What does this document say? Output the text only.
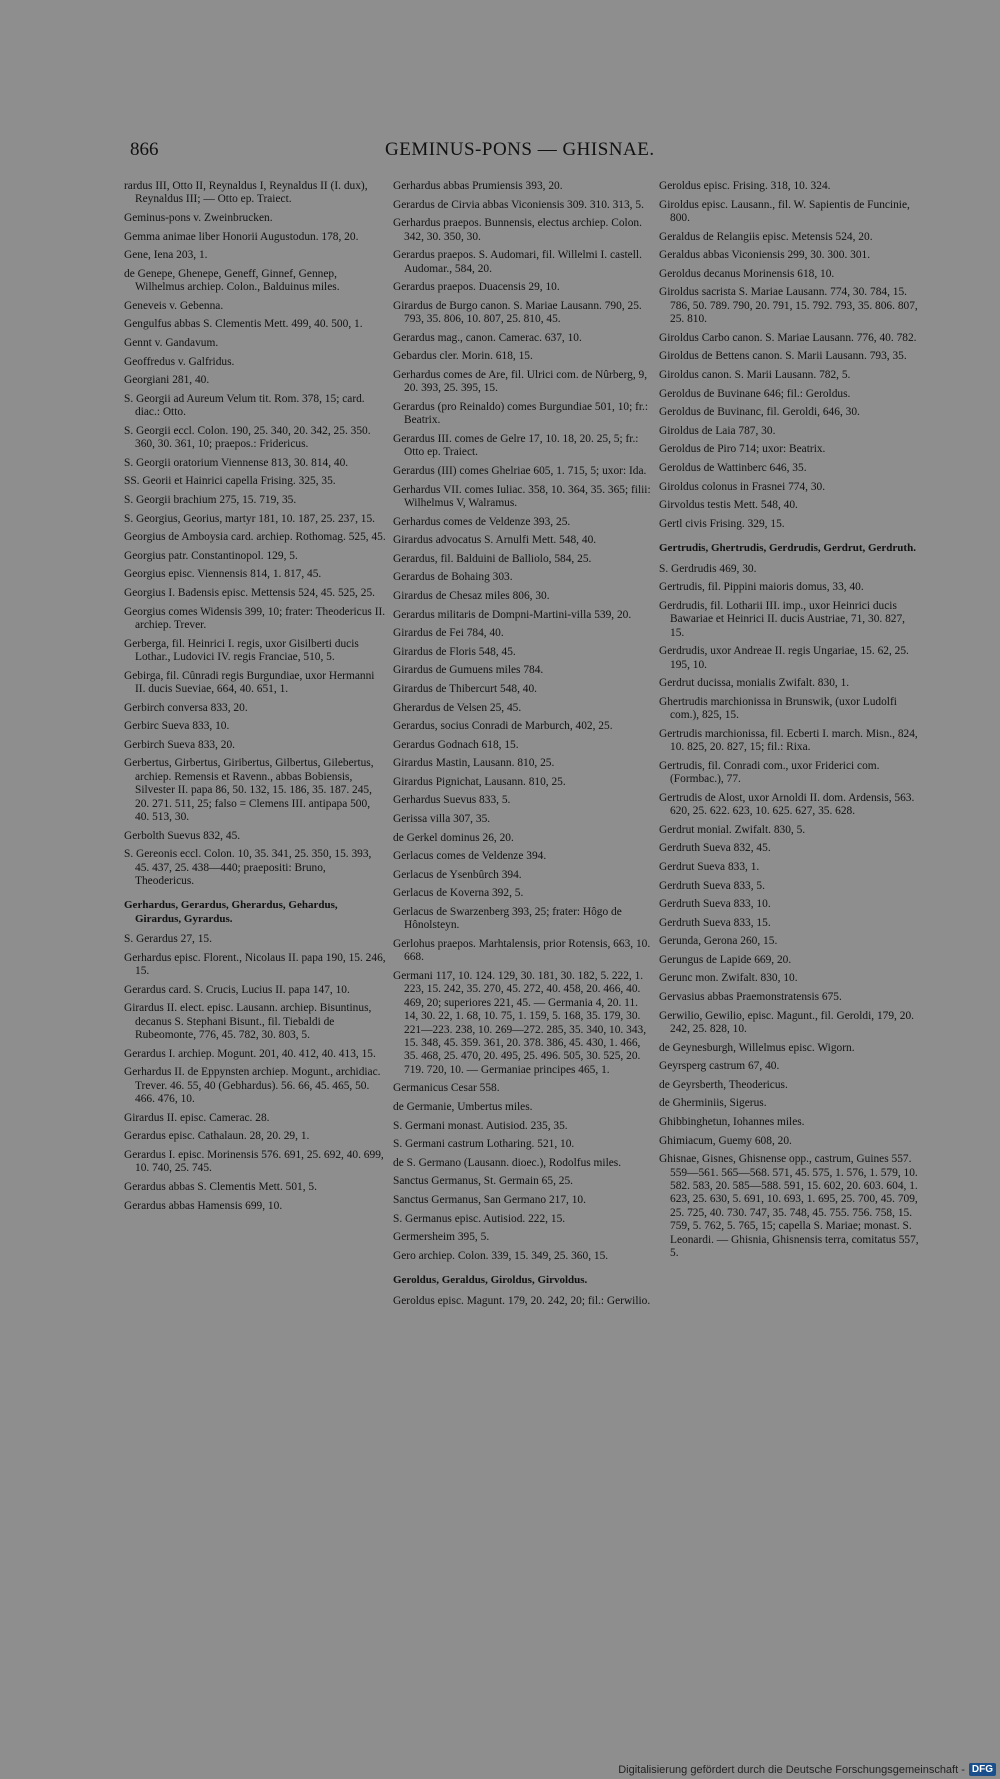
866	GEMINUS-PONS — GHISNAE.
rardus III, Otto II, Reynaldus I, Reynaldus II (I. dux), Reynaldus III; — Otto ep. Traiect.
Geminus-pons v. Zweinbrucken.
Gemma animae liber Honorii Augustodun. 178, 20.
Gene, Iena 203, 1.
de Genepe, Ghenepe, Geneff, Ginnef, Gennep, Wilhelmus archiep. Colon., Balduinus miles.
Geneveis v. Gebenna.
Gengulfus abbas S. Clementis Mett. 499, 40. 500, 1.
Gennt v. Gandavum.
Geoffredus v. Galfridus.
Georgiani 281, 40.
S. Georgii ad Aureum Velum tit. Rom. 378, 15; card. diac.: Otto.
S. Georgii eccl. Colon. 190, 25. 340, 20. 342, 25. 350. 360, 30. 361, 10; praepos.: Fridericus.
S. Georgii oratorium Viennense 813, 30. 814, 40.
SS. Georii et Hainrici capella Frising. 325, 35.
S. Georgii brachium 275, 15. 719, 35.
S. Georgius, Georius, martyr 181, 10. 187, 25. 237, 15.
Georgius de Amboysia card. archiep. Rothomag. 525, 45.
Georgius patr. Constantinopol. 129, 5.
Georgius episc. Viennensis 814, 1. 817, 45.
Georgius I. Badensis episc. Mettensis 524, 45. 525, 25.
Georgius comes Widensis 399, 10; frater: Theodericus II. archiep. Trever.
Gerberga, fil. Heinrici I. regis, uxor Gisilberti ducis Lothar., Ludovici IV. regis Franciae, 510, 5.
Gebirga, fil. Cûnradi regis Burgundiae, uxor Hermanni II. ducis Sueviae, 664, 40. 651, 1.
Gerbirch conversa 833, 20.
Gerbirc Sueva 833, 10.
Gerbirch Sueva 833, 20.
Gerbertus, Girbertus, Giribertus, Gilbertus, Gilebertus, archiep. Remensis et Ravenn., abbas Bobiensis, Silvester II. papa 86, 50. 132, 15. 186, 35. 187. 245, 20. 271. 511, 25; falso = Clemens III. antipapa 500, 40. 513, 30.
Gerbolth Suevus 832, 45.
S. Gereonis eccl. Colon. 10, 35. 341, 25. 350, 15. 393, 45. 437, 25. 438—440; praepositi: Bruno, Theodericus.
Gerhardus, Gerardus, Gherardus, Gehardus, Girardus, Gyrardus.
S. Gerardus 27, 15.
Gerhardus episc. Florent., Nicolaus II. papa 190, 15. 246, 15.
Gerardus card. S. Crucis, Lucius II. papa 147, 10.
Girardus II. elect. episc. Lausann. archiep. Bisuntinus, decanus S. Stephani Bisunt., fil. Tiebaldi de Rubeomonte, 776, 45. 782, 30. 803, 5.
Gerardus I. archiep. Mogunt. 201, 40. 412, 40. 413, 15.
Gerhardus II. de Eppynsten archiep. Mogunt., archidiac. Trever. 46. 55, 40 (Gebhardus). 56. 66, 45. 465, 50. 466. 476, 10.
Girardus II. episc. Camerac. 28.
Gerardus episc. Cathalaun. 28, 20. 29, 1.
Gerardus I. episc. Morinensis 576. 691, 25. 692, 40. 699, 10. 740, 25. 745.
Gerardus abbas S. Clementis Mett. 501, 5.
Gerardus abbas Hamensis 699, 10.
Gerhardus abbas Prumiensis 393, 20.
Gerardus de Cirvia abbas Viconiensis 309. 310. 313, 5.
Gerhardus praepos. Bunnensis, electus archiep. Colon. 342, 30. 350, 30.
Gerardus praepos. S. Audomari, fil. Willelmi I. castell. Audomar., 584, 20.
Gerardus praepos. Duacensis 29, 10.
Girardus de Burgo canon. S. Mariae Lausann. 790, 25. 793, 35. 806, 10. 807, 25. 810, 45.
Gerardus mag., canon. Camerac. 637, 10.
Gebardus cler. Morin. 618, 15.
Gerhardus comes de Are, fil. Ulrici com. de Nûrberg, 9, 20. 393, 25. 395, 15.
Gerardus (pro Reinaldo) comes Burgundiae 501, 10; fr.: Beatrix.
Gerardus III. comes de Gelre 17, 10. 18, 20. 25, 5; fr.: Otto ep. Traiect.
Gerardus (III) comes Ghelriae 605, 1. 715, 5; uxor: Ida.
Gerhardus VII. comes Iuliac. 358, 10. 364, 35. 365; filii: Wilhelmus V, Walramus.
Gerhardus comes de Veldenze 393, 25.
Girardus advocatus S. Arnulfi Mett. 548, 40.
Gerardus, fil. Balduini de Balliolo, 584, 25.
Gerardus de Bohaing 303.
Girardus de Chesaz miles 806, 30.
Gerardus militaris de Dompni-Martini-villa 539, 20.
Girardus de Fei 784, 40.
Girardus de Floris 548, 45.
Girardus de Gumuens miles 784.
Girardus de Thibercurt 548, 40.
Gherardus de Velsen 25, 45.
Gerardus, socius Conradi de Marburch, 402, 25.
Gerardus Godnach 618, 15.
Girardus Mastin, Lausann. 810, 25.
Girardus Pignichat, Lausann. 810, 25.
Gerhardus Suevus 833, 5.
Gerissa villa 307, 35.
de Gerkel dominus 26, 20.
Gerlacus comes de Veldenze 394.
Gerlacus de Ysenbûrch 394.
Gerlacus de Koverna 392, 5.
Gerlacus de Swarzenberg 393, 25; frater: Hôgo de Hônolsteyn.
Gerlohus praepos. Marhtalensis, prior Rotensis, 663, 10. 668.
Germani 117, 10. 124. 129, 30. 181, 30. 182, 5. 222, 1. 223, 15. 242, 35. 270, 45. 272, 40. 458, 20. 466, 40. 469, 20; superiores 221, 45. — Germania 4, 20. 11. 14, 30. 22, 1. 68, 10. 75, 1. 159, 5. 168, 35. 179, 30. 221—223. 238, 10. 269—272. 285, 35. 340, 10. 343, 15. 348, 45. 359. 361, 20. 378. 386, 45. 430, 1. 466, 35. 468, 25. 470, 20. 495, 25. 496. 505, 30. 525, 20. 719. 720, 10. — Germaniae principes 465, 1.
Germanicus Cesar 558.
de Germanie, Umbertus miles.
S. Germani monast. Autisiod. 235, 35.
S. Germani castrum Lotharing. 521, 10.
de S. Germano (Lausann. dioec.), Rodolfus miles.
Sanctus Germanus, St. Germain 65, 25.
Sanctus Germanus, San Germano 217, 10.
S. Germanus episc. Autisiod. 222, 15.
Germersheim 395, 5.
Gero archiep. Colon. 339, 15. 349, 25. 360, 15.
Geroldus, Geraldus, Giroldus, Girvoldus.
Geroldus episc. Magunt. 179, 20. 242, 20; fil.: Gerwilio.
Geroldus episc. Frising. 318, 10. 324.
Giroldus episc. Lausann., fil. W. Sapientis de Funcinie, 800.
Geraldus de Relangiis episc. Metensis 524, 20.
Geraldus abbas Viconiensis 299, 30. 300. 301.
Geroldus decanus Morinensis 618, 10.
Giroldus sacrista S. Mariae Lausann. 774, 30. 784, 15. 786, 50. 789. 790, 20. 791, 15. 792. 793, 35. 806. 807, 25. 810.
Giroldus Carbo canon. S. Mariae Lausann. 776, 40. 782.
Giroldus de Bettens canon. S. Marii Lausann. 793, 35.
Giroldus canon. S. Marii Lausann. 782, 5.
Geroldus de Buvinane 646; fil.: Geroldus.
Geroldus de Buvinanc, fil. Geroldi, 646, 30.
Giroldus de Laia 787, 30.
Geroldus de Piro 714; uxor: Beatrix.
Geroldus de Wattinberc 646, 35.
Giroldus colonus in Frasnei 774, 30.
Girvoldus testis Mett. 548, 40.
Gertl civis Frising. 329, 15.
Gertrudis, Ghertrudis, Gerdrudis, Gerdrut, Gerdruth.
S. Gerdrudis 469, 30.
Gertrudis, fil. Pippini maioris domus, 33, 40.
Gerdrudis, fil. Lotharii III. imp., uxor Heinrici ducis Bawariae et Heinrici II. ducis Austriae, 71, 30. 827, 15.
Gerdrudis, uxor Andreae II. regis Ungariae, 15. 62, 25. 195, 10.
Gerdrut ducissa, monialis Zwifalt. 830, 1.
Ghertrudis marchionissa in Brunswik, (uxor Ludolfi com.), 825, 15.
Gertrudis marchionissa, fil. Ecberti I. march. Misn., 824, 10. 825, 20. 827, 15; fil.: Rixa.
Gertrudis, fil. Conradi com., uxor Friderici com. (Formbac.), 77.
Gertrudis de Alost, uxor Arnoldi II. dom. Ardensis, 563. 620, 25. 622. 623, 10. 625. 627, 35. 628.
Gerdrut monial. Zwifalt. 830, 5.
Gerdruth Sueva 832, 45.
Gerdrut Sueva 833, 1.
Gerdruth Sueva 833, 5.
Gerdruth Sueva 833, 10.
Gerdruth Sueva 833, 15.
Gerunda, Gerona 260, 15.
Gerungus de Lapide 669, 20.
Gerunc mon. Zwifalt. 830, 10.
Gervasius abbas Praemonstratensis 675.
Gerwilio, Gewilio, episc. Magunt., fil. Geroldi, 179, 20. 242, 25. 828, 10.
de Geynesburgh, Willelmus episc. Wigorn.
Geyrsperg castrum 67, 40.
de Geyrsberth, Theodericus.
de Gherminiis, Sigerus.
Ghibbinghetun, Iohannes miles.
Ghimiacum, Guemy 608, 20.
Ghisnae, Gisnes, Ghisnense opp., castrum, Guines 557. 559—561. 565—568. 571, 45. 575, 1. 576, 1. 579, 10. 582. 583, 20. 585—588. 591, 15. 602, 20. 603. 604, 1. 623, 25. 630, 5. 691, 10. 693, 1. 695, 25. 700, 45. 709, 25. 725, 40. 730. 747, 35. 748, 45. 755. 756. 758, 15. 759, 5. 762, 5. 765, 15; capella S. Mariae; monast. S. Leonardi. — Ghisnia, Ghisnensis terra, comitatus 557, 5.
Digitalisierung gefördert durch die Deutsche Forschungsgemeinschaft - DFG
